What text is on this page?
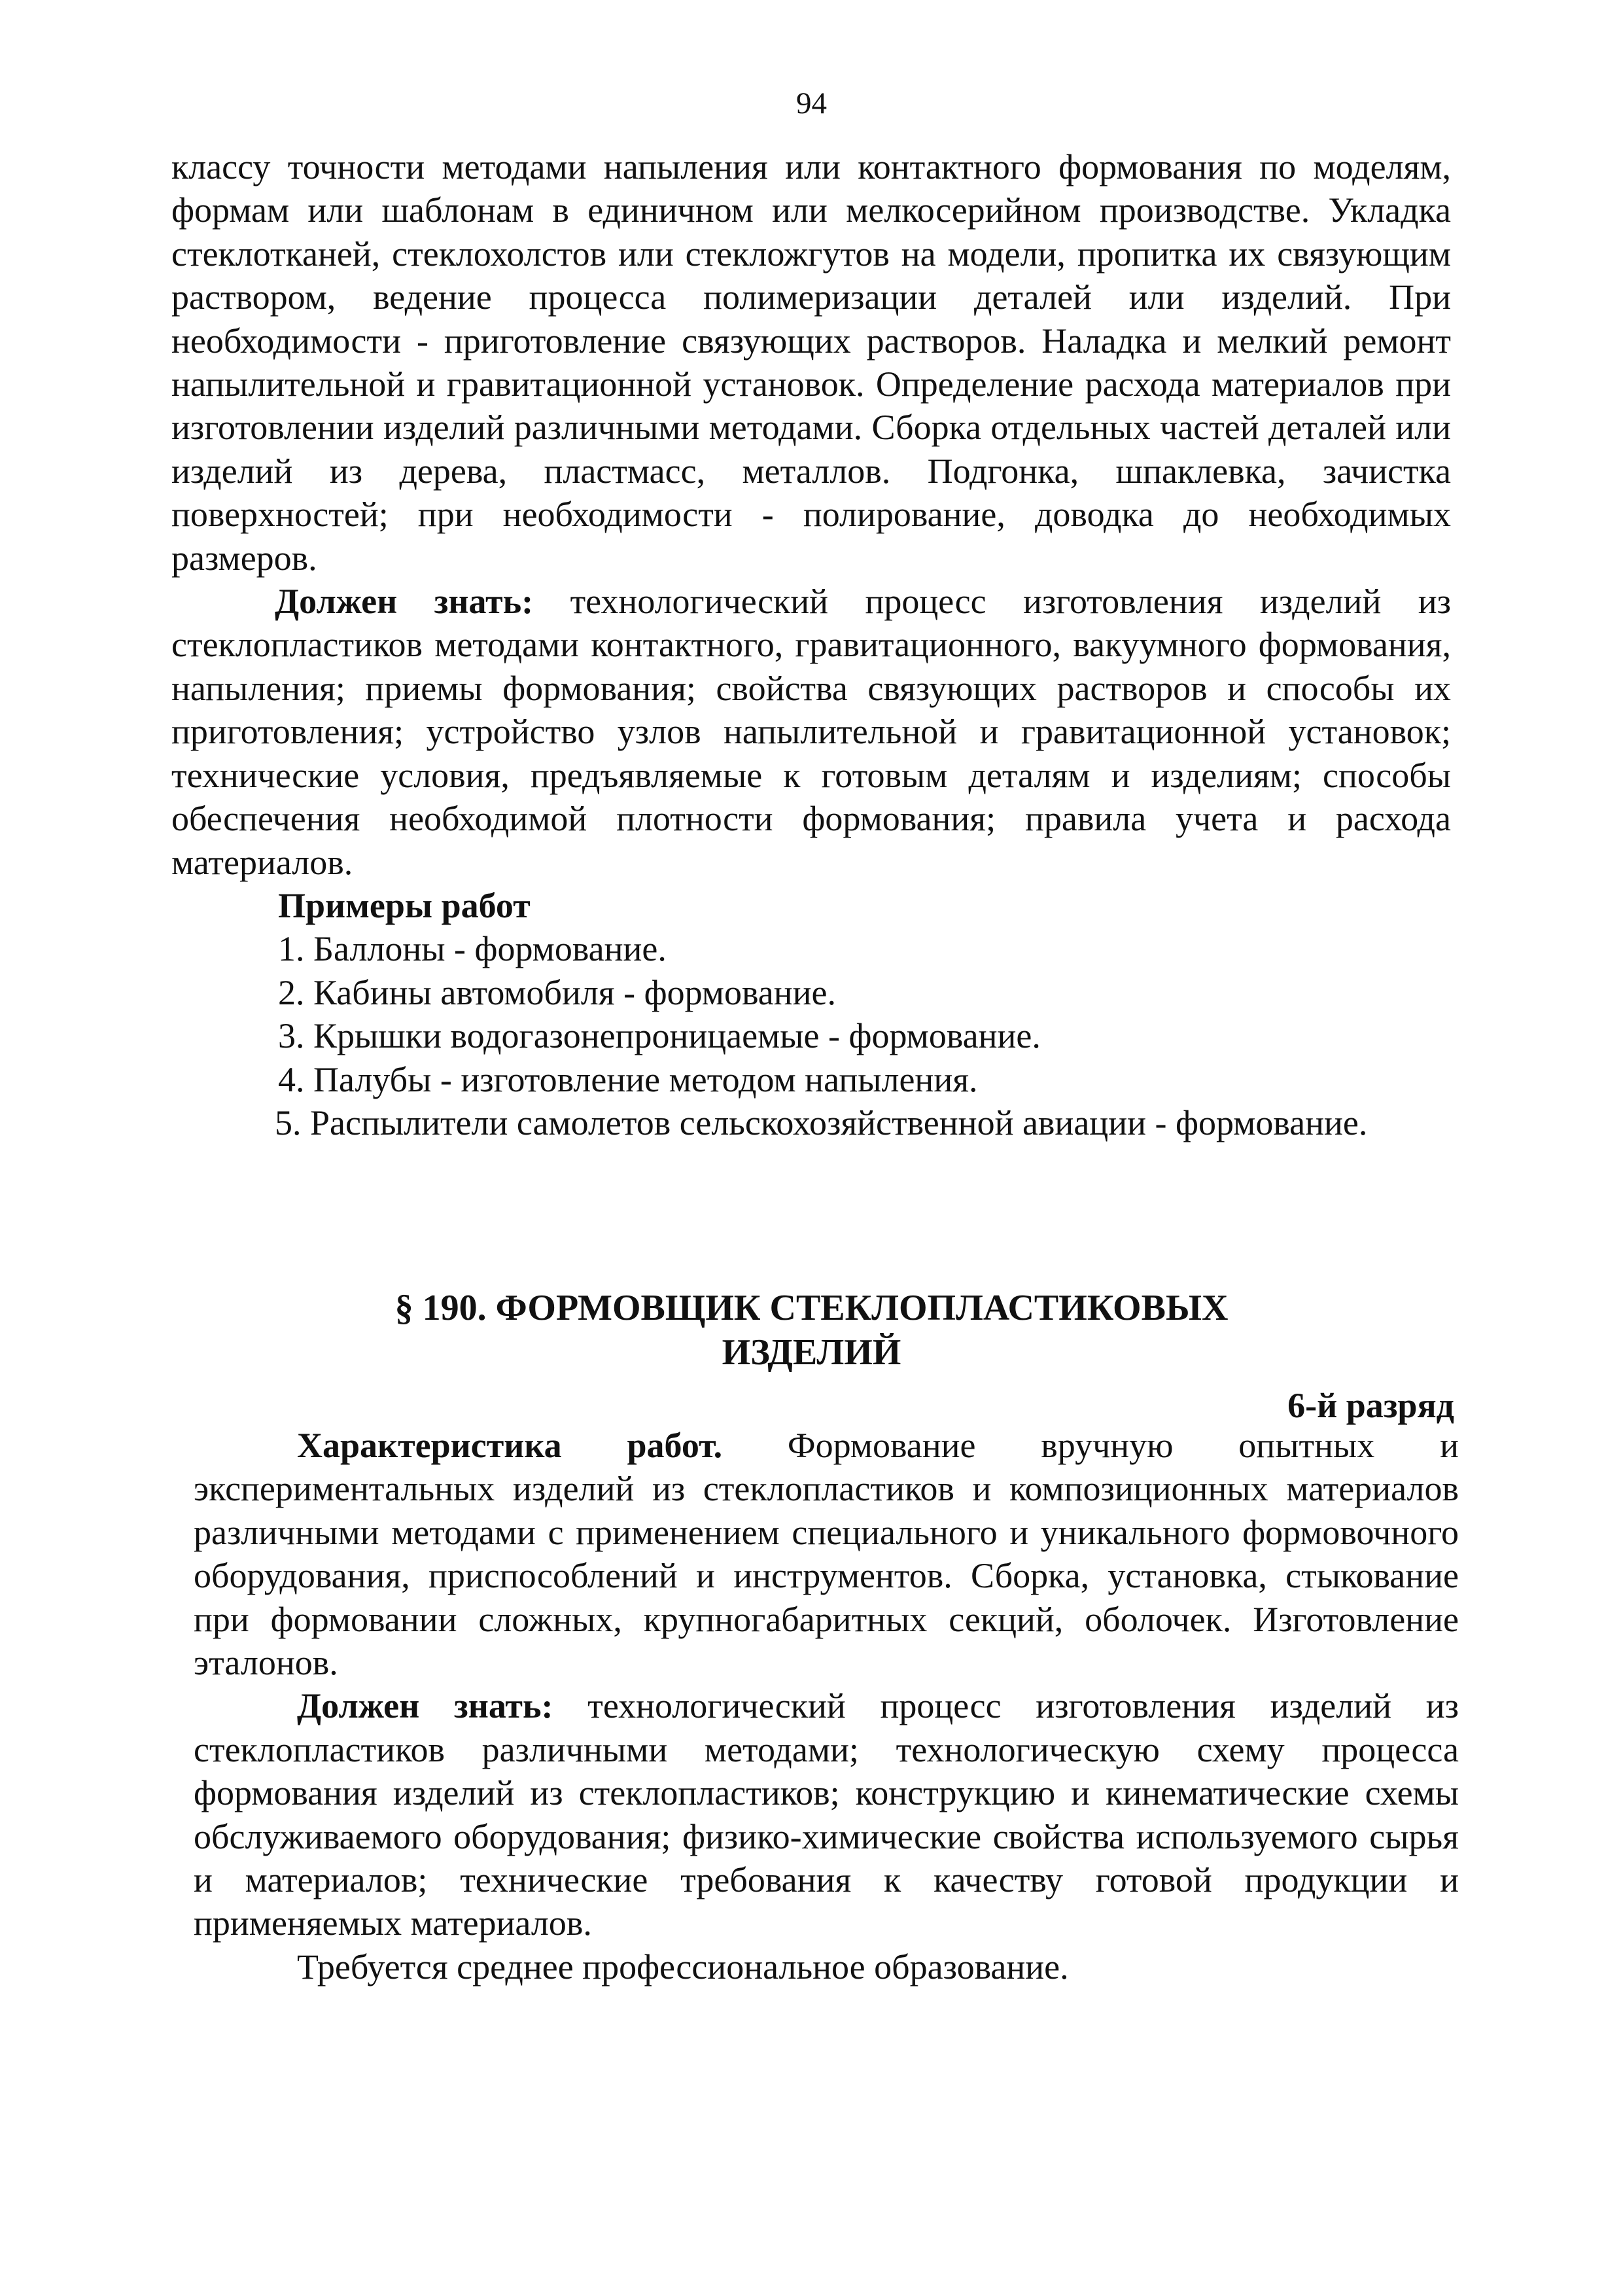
94

классу точности методами напыления или контактного формования по моделям, формам или шаблонам в единичном или мелкосерийном производстве. Укладка стеклотканей, стеклохолстов или стекложгутов на модели, пропитка их связующим раствором, ведение процесса полимеризации деталей или изделий. При необходимости - приготовление связующих растворов. Наладка и мелкий ремонт напылительной и гравитационной установок. Определение расхода материалов при изготовлении изделий различными методами. Сборка отдельных частей деталей или изделий из дерева, пластмасс, металлов. Подгонка, шпаклевка, зачистка поверхностей; при необходимости - полирование, доводка до необходимых размеров.

Должен знать: технологический процесс изготовления изделий из стеклопластиков методами контактного, гравитационного, вакуумного формования, напыления; приемы формования; свойства связующих растворов и способы их приготовления; устройство узлов напылительной и гравитационной установок; технические условия, предъявляемые к готовым деталям и изделиям; способы обеспечения необходимой плотности формования; правила учета и расхода материалов.

Примеры работ

1. Баллоны - формование.

2. Кабины автомобиля - формование.

3. Крышки водогазонепроницаемые - формование.

4. Палубы - изготовление методом напыления.

5. Распылители самолетов сельскохозяйственной авиации - формование.

§ 190. ФОРМОВЩИК СТЕКЛОПЛАСТИКОВЫХ
ИЗДЕЛИЙ
6-й разряд

Характеристика работ. Формование вручную опытных и экспериментальных изделий из стеклопластиков и композиционных материалов различными методами с применением специального и уникального формовочного оборудования, приспособлений и инструментов. Сборка, установка, стыкование при формовании сложных, крупногабаритных секций, оболочек. Изготовление эталонов.

Должен знать: технологический процесс изготовления изделий из стеклопластиков различными методами; технологическую схему процесса формования изделий из стеклопластиков; конструкцию и кинематические схемы обслуживаемого оборудования; физико-химические свойства используемого сырья и материалов; технические требования к качеству готовой продукции и применяемых материалов.

Требуется среднее профессиональное образование.
